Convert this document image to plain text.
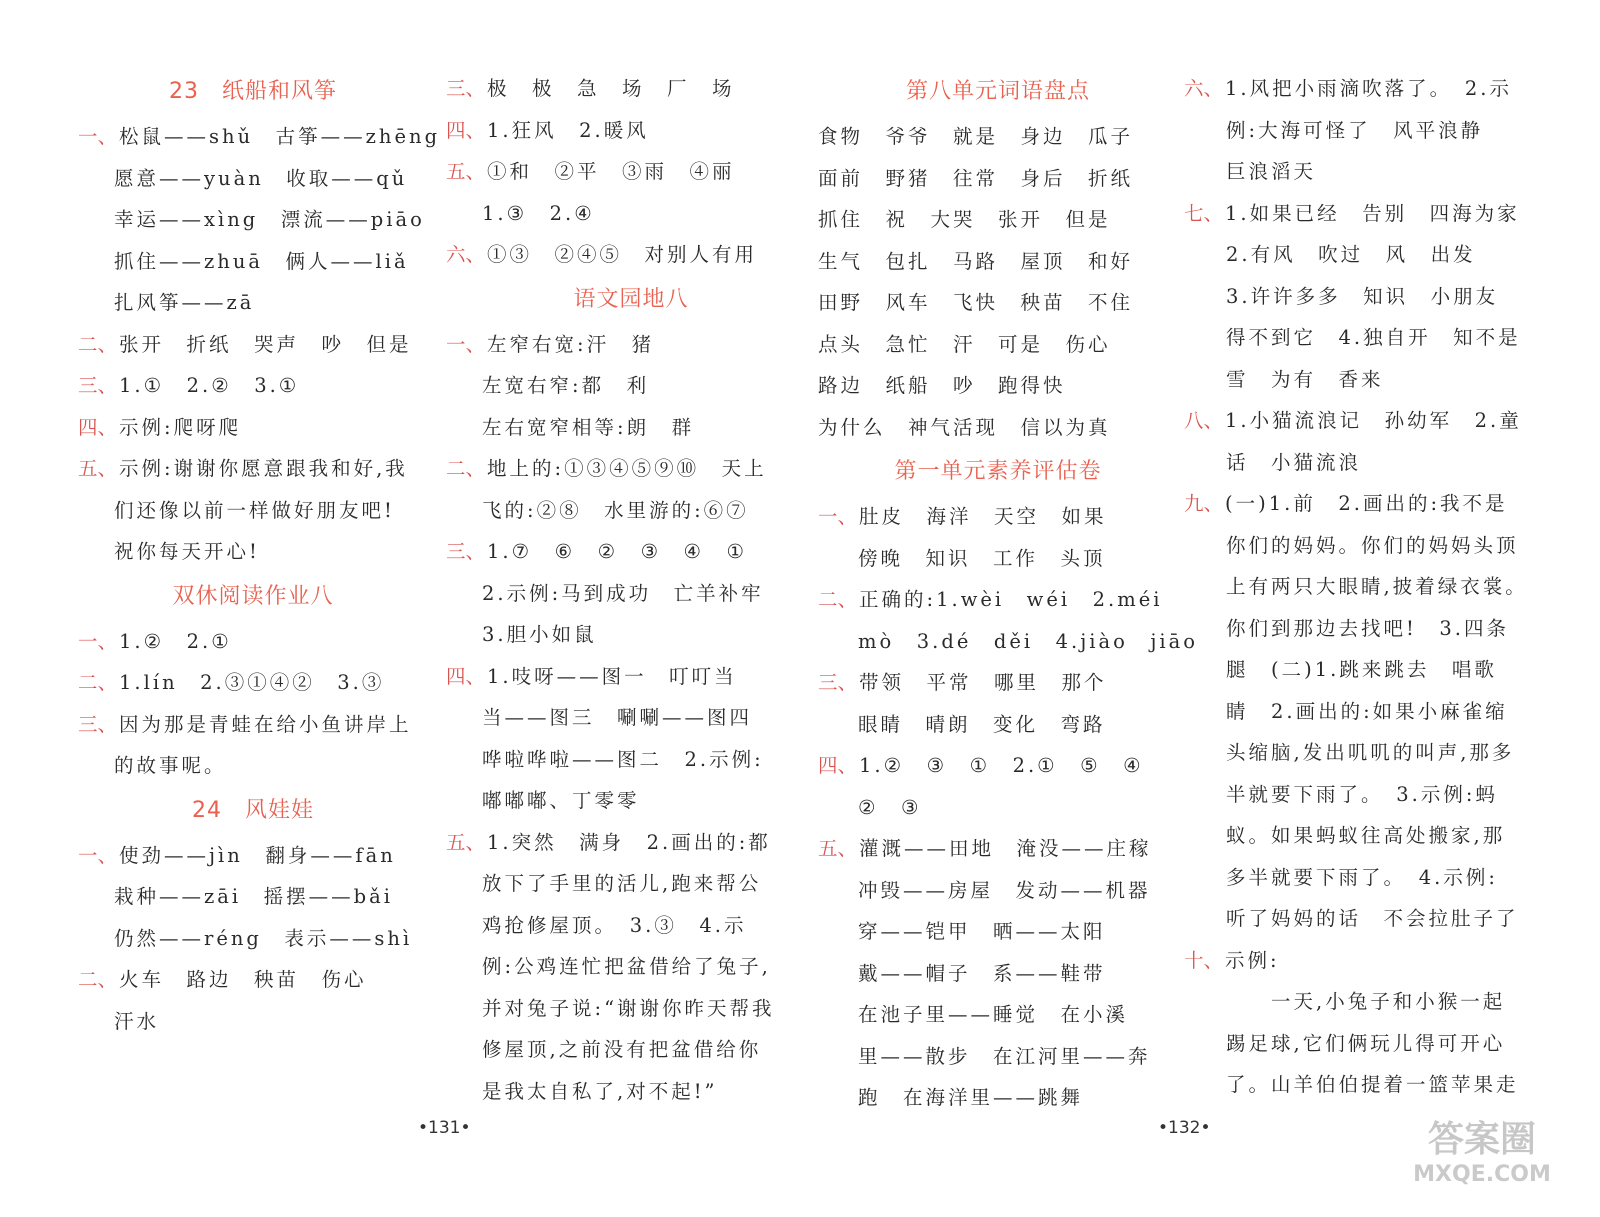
23　纸船和风筝
一、 松鼠——shǔ　古筝——zhēng
愿意——yuàn　收取——qǔ
幸运——xìng　漂流——piāo
抓住——zhuā　俩人——liǎ
扎风筝——zā
二、 张开　折纸　哭声　吵　但是
三、 1.①　2.②　3.①
四、 示例:爬呀爬
五、 示例:谢谢你愿意跟我和好,我
们还像以前一样做好朋友吧!
祝你每天开心!
双休阅读作业八
一、 1.②　2.①
二、 1.lín　2.③①④②　3.③
三、 因为那是青蛙在给小鱼讲岸上
的故事呢。
24　风娃娃
一、 使劲——jìn　翻身——fān
栽种——zāi　摇摆——bǎi
仍然——réng　表示——shì
二、 火车　路边　秧苗　伤心
汗水
三、 极　极　急　场　厂　场
四、 1.狂风　2.暖风
五、 ①和　②平　③雨　④丽
1.③　2.④
六、 ①③　②④⑤　对别人有用
语文园地八
一、 左窄右宽:汗　猪
左宽右窄:都　利
左右宽窄相等:朗　群
二、 地上的:①③④⑤⑨⑩　天上
飞的:②⑧　水里游的:⑥⑦
三、 1.⑦　⑥　②　③　④　①
2.示例:马到成功　亡羊补牢
3.胆小如鼠
四、 1.吱呀——图一　叮叮当
当——图三　唰唰——图四
哗啦哗啦——图二　2.示例:
嘟嘟嘟、丁零零
五、 1.突然　满身　2.画出的:都
放下了手里的活儿,跑来帮公
鸡抢修屋顶。　3.③　4.示
例:公鸡连忙把盆借给了兔子,
并对兔子说:“谢谢你昨天帮我
修屋顶,之前没有把盆借给你
是我太自私了,对不起!”
第八单元词语盘点
食物　爷爷　就是　身边　瓜子
面前　野猪　往常　身后　折纸
抓住　祝　大哭　张开　但是
生气　包扎　马路　屋顶　和好
田野　风车　飞快　秧苗　不住
点头　急忙　汗　可是　伤心
路边　纸船　吵　跑得快
为什么　神气活现　信以为真
第一单元素养评估卷
一、 肚皮　海洋　天空　如果
傍晚　知识　工作　头顶
二、 正确的:1.wèi　wéi　2.méi
mò　3.dé　děi　4.jiào　jiāo
三、 带领　平常　哪里　那个
眼睛　晴朗　变化　弯路
四、 1.②　③　①　2.①　⑤　④
②　③
五、 灌溉——田地　淹没——庄稼
冲毁——房屋　发动——机器
穿——铠甲　晒——太阳
戴——帽子　系——鞋带
在池子里——睡觉　在小溪
里——散步　在江河里——奔
跑　在海洋里——跳舞
六、 1.风把小雨滴吹落了。　2.示
例:大海可怪了　风平浪静
巨浪滔天
七、 1.如果已经　告别　四海为家
2.有风　吹过　风　出发
3.许许多多　知识　小朋友
得不到它　4.独自开　知不是
雪　为有　香来
八、 1.小猫流浪记　孙幼军　2.童
话　小猫流浪
九、 (一)1.前　2.画出的:我不是
你们的妈妈。你们的妈妈头顶
上有两只大眼睛,披着绿衣裳。
你们到那边去找吧!　3.四条
腿　(二)1.跳来跳去　唱歌
睛　2.画出的:如果小麻雀缩
头缩脑,发出叽叽的叫声,那多
半就要下雨了。　3.示例:蚂
蚁。如果蚂蚁往高处搬家,那
多半就要下雨了。　4.示例:
听了妈妈的话　不会拉肚子了
十、 示例:
　　一天,小兔子和小猴一起
踢足球,它们俩玩儿得可开心
了。山羊伯伯提着一篮苹果走
•131•	•132•	答案圈
MXQE.COM
